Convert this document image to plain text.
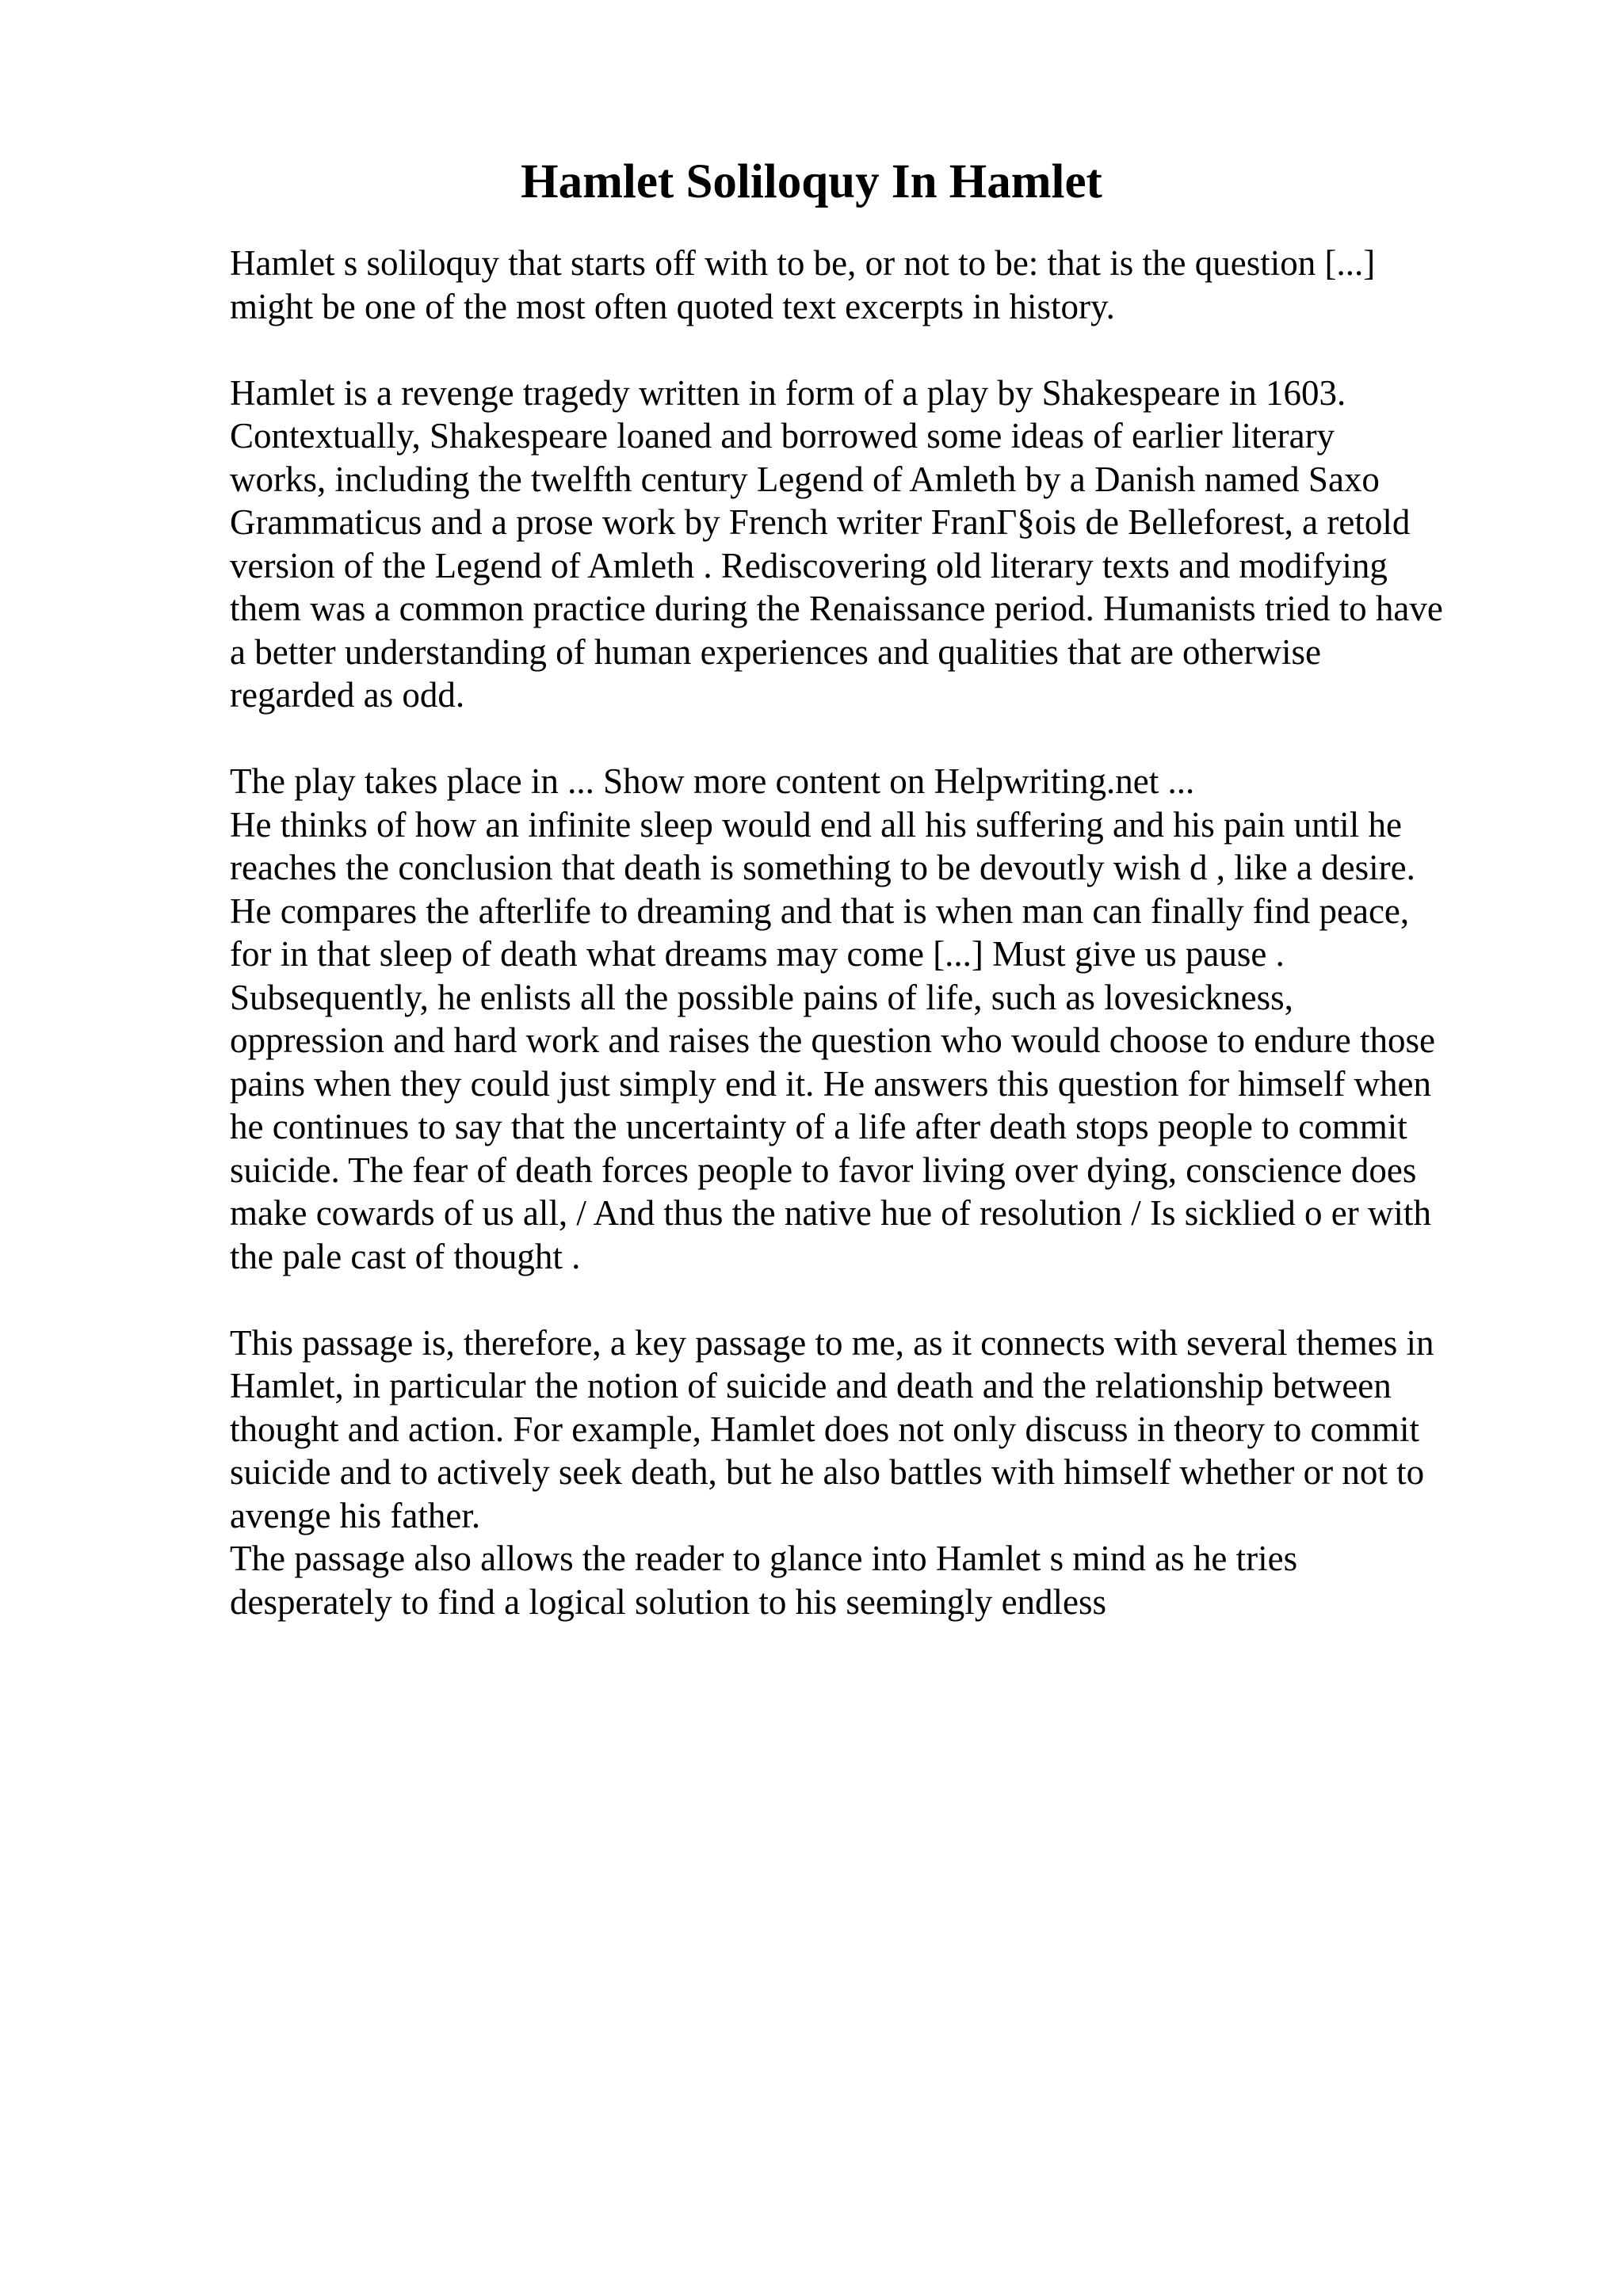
Hamlet Soliloquy In Hamlet

Hamlet s soliloquy that starts off with to be, or not to be: that is the question [...]
might be one of the most often quoted text excerpts in history.

Hamlet is a revenge tragedy written in form of a play by Shakespeare in 1603.
Contextually, Shakespeare loaned and borrowed some ideas of earlier literary
works, including the twelfth century Legend of Amleth by a Danish named Saxo
Grammaticus and a prose work by French writer FranΓ§ois de Belleforest, a retold
version of the Legend of Amleth . Rediscovering old literary texts and modifying
them was a common practice during the Renaissance period. Humanists tried to have
a better understanding of human experiences and qualities that are otherwise
regarded as odd.

The play takes place in ... Show more content on Helpwriting.net ...
He thinks of how an infinite sleep would end all his suffering and his pain until he
reaches the conclusion that death is something to be devoutly wish d , like a desire.
He compares the afterlife to dreaming and that is when man can finally find peace,
for in that sleep of death what dreams may come [...] Must give us pause .
Subsequently, he enlists all the possible pains of life, such as lovesickness,
oppression and hard work and raises the question who would choose to endure those
pains when they could just simply end it. He answers this question for himself when
he continues to say that the uncertainty of a life after death stops people to commit
suicide. The fear of death forces people to favor living over dying, conscience does
make cowards of us all, / And thus the native hue of resolution / Is sicklied o er with
the pale cast of thought .

This passage is, therefore, a key passage to me, as it connects with several themes in
Hamlet, in particular the notion of suicide and death and the relationship between
thought and action. For example, Hamlet does not only discuss in theory to commit
suicide and to actively seek death, but he also battles with himself whether or not to
avenge his father.
The passage also allows the reader to glance into Hamlet s mind as he tries
desperately to find a logical solution to his seemingly endless
